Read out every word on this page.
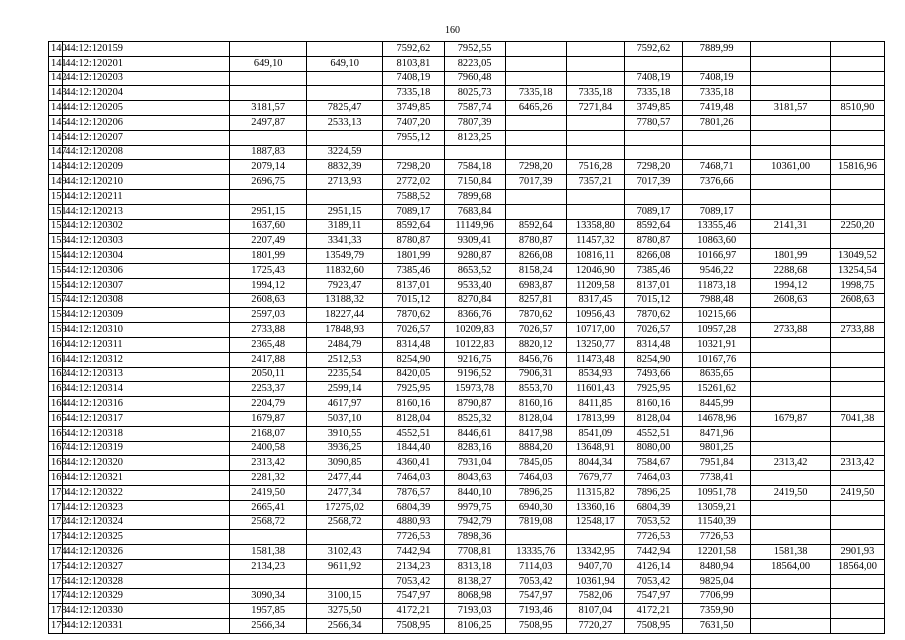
160
140	44:12:120159			7592,62	7952,55			7592,62	7889,99		
141	44:12:120201	649,10	649,10	8103,81	8223,05						
142	44:12:120203			7408,19	7960,48			7408,19	7408,19		
143	44:12:120204			7335,18	8025,73	7335,18	7335,18	7335,18	7335,18		
144	44:12:120205	3181,57	7825,47	3749,85	7587,74	6465,26	7271,84	3749,85	7419,48	3181,57	8510,90
145	44:12:120206	2497,87	2533,13	7407,20	7807,39			7780,57	7801,26		
146	44:12:120207			7955,12	8123,25						
147	44:12:120208	1887,83	3224,59								
148	44:12:120209	2079,14	8832,39	7298,20	7584,18	7298,20	7516,28	7298,20	7468,71	10361,00	15816,96
149	44:12:120210	2696,75	2713,93	2772,02	7150,84	7017,39	7357,21	7017,39	7376,66		
150	44:12:120211			7588,52	7899,68						
151	44:12:120213	2951,15	2951,15	7089,17	7683,84			7089,17	7089,17		
152	44:12:120302	1637,60	3189,11	8592,64	11149,96	8592,64	13358,80	8592,64	13355,46	2141,31	2250,20
153	44:12:120303	2207,49	3341,33	8780,87	9309,41	8780,87	11457,32	8780,87	10863,60		
154	44:12:120304	1801,99	13549,79	1801,99	9280,87	8266,08	10816,11	8266,08	10166,97	1801,99	13049,52
155	44:12:120306	1725,43	11832,60	7385,46	8653,52	8158,24	12046,90	7385,46	9546,22	2288,68	13254,54
156	44:12:120307	1994,12	7923,47	8137,01	9533,40	6983,87	11209,58	8137,01	11873,18	1994,12	1998,75
157	44:12:120308	2608,63	13188,32	7015,12	8270,84	8257,81	8317,45	7015,12	7988,48	2608,63	2608,63
158	44:12:120309	2597,03	18227,44	7870,62	8366,76	7870,62	10956,43	7870,62	10215,66		
159	44:12:120310	2733,88	17848,93	7026,57	10209,83	7026,57	10717,00	7026,57	10957,28	2733,88	2733,88
160	44:12:120311	2365,48	2484,79	8314,48	10122,83	8820,12	13250,77	8314,48	10321,91		
161	44:12:120312	2417,88	2512,53	8254,90	9216,75	8456,76	11473,48	8254,90	10167,76		
162	44:12:120313	2050,11	2235,54	8420,05	9196,52	7906,31	8534,93	7493,66	8635,65		
163	44:12:120314	2253,37	2599,14	7925,95	15973,78	8553,70	11601,43	7925,95	15261,62		
164	44:12:120316	2204,79	4617,97	8160,16	8790,87	8160,16	8411,85	8160,16	8445,99		
165	44:12:120317	1679,87	5037,10	8128,04	8525,32	8128,04	17813,99	8128,04	14678,96	1679,87	7041,38
166	44:12:120318	2168,07	3910,55	4552,51	8446,61	8417,98	8541,09	4552,51	8471,96		
167	44:12:120319	2400,58	3936,25	1844,40	8283,16	8884,20	13648,91	8080,00	9801,25		
168	44:12:120320	2313,42	3090,85	4360,41	7931,04	7845,05	8044,34	7584,67	7951,84	2313,42	2313,42
169	44:12:120321	2281,32	2477,44	7464,03	8043,63	7464,03	7679,77	7464,03	7738,41		
170	44:12:120322	2419,50	2477,34	7876,57	8440,10	7896,25	11315,82	7896,25	10951,78	2419,50	2419,50
171	44:12:120323	2665,41	17275,02	6804,39	9979,75	6940,30	13360,16	6804,39	13059,21		
172	44:12:120324	2568,72	2568,72	4880,93	7942,79	7819,08	12548,17	7053,52	11540,39		
173	44:12:120325			7726,53	7898,36			7726,53	7726,53		
174	44:12:120326	1581,38	3102,43	7442,94	7708,81	13335,76	13342,95	7442,94	12201,58	1581,38	2901,93
175	44:12:120327	2134,23	9611,92	2134,23	8313,18	7114,03	9407,70	4126,14	8480,94	18564,00	18564,00
176	44:12:120328			7053,42	8138,27	7053,42	10361,94	7053,42	9825,04		
177	44:12:120329	3090,34	3100,15	7547,97	8068,98	7547,97	7582,06	7547,97	7706,99		
178	44:12:120330	1957,85	3275,50	4172,21	7193,03	7193,46	8107,04	4172,21	7359,90		
179	44:12:120331	2566,34	2566,34	7508,95	8106,25	7508,95	7720,27	7508,95	7631,50		
